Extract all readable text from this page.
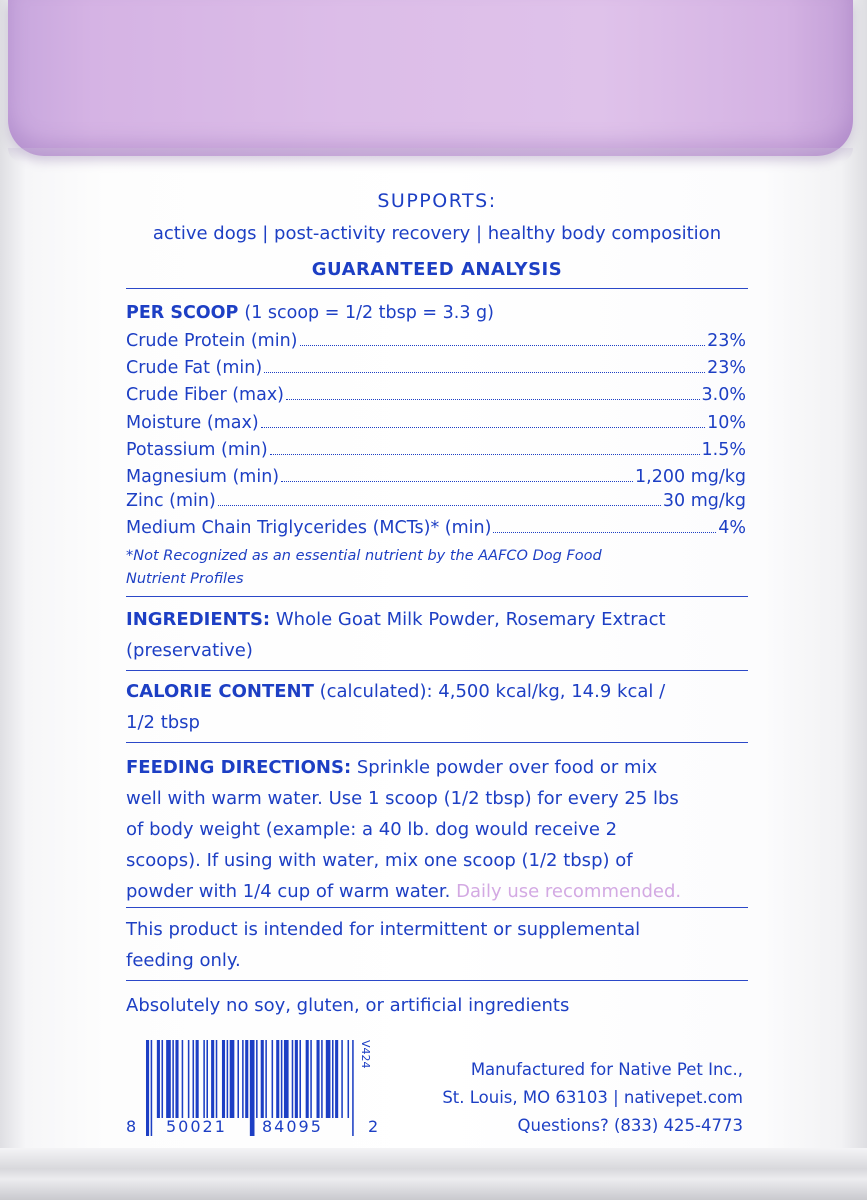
SUPPORTS:
active dogs | post-activity recovery | healthy body composition
GUARANTEED ANALYSIS
PER SCOOP (1 scoop = 1/2 tbsp = 3.3 g)
Crude Protein (min)	23%
Crude Fat (min)	23%
Crude Fiber (max)	3.0%
Moisture (max)	10%
Potassium (min)	1.5%
Magnesium (min)	1,200 mg/kg
Zinc (min)	30 mg/kg
Medium Chain Triglycerides (MCTs)* (min)	4%
*Not Recognized as an essential nutrient by the AAFCO Dog Food
Nutrient Profiles
INGREDIENTS: Whole Goat Milk Powder, Rosemary Extract
(preservative)
CALORIE CONTENT (calculated): 4,500 kcal/kg, 14.9 kcal /
1/2 tbsp
FEEDING DIRECTIONS: Sprinkle powder over food or mix
well with warm water. Use 1 scoop (1/2 tbsp) for every 25 lbs
of body weight (example: a 40 lb. dog would receive 2
scoops). If using with water, mix one scoop (1/2 tbsp) of
powder with 1/4 cup of warm water. Daily use recommended.
This product is intended for intermittent or supplemental
feeding only.
Absolutely no soy, gluten, or artificial ingredients
8 50021 84095	2
V424
Manufactured for Native Pet Inc.,
St. Louis, MO 63103 | nativepet.com
Questions? (833) 425-4773
